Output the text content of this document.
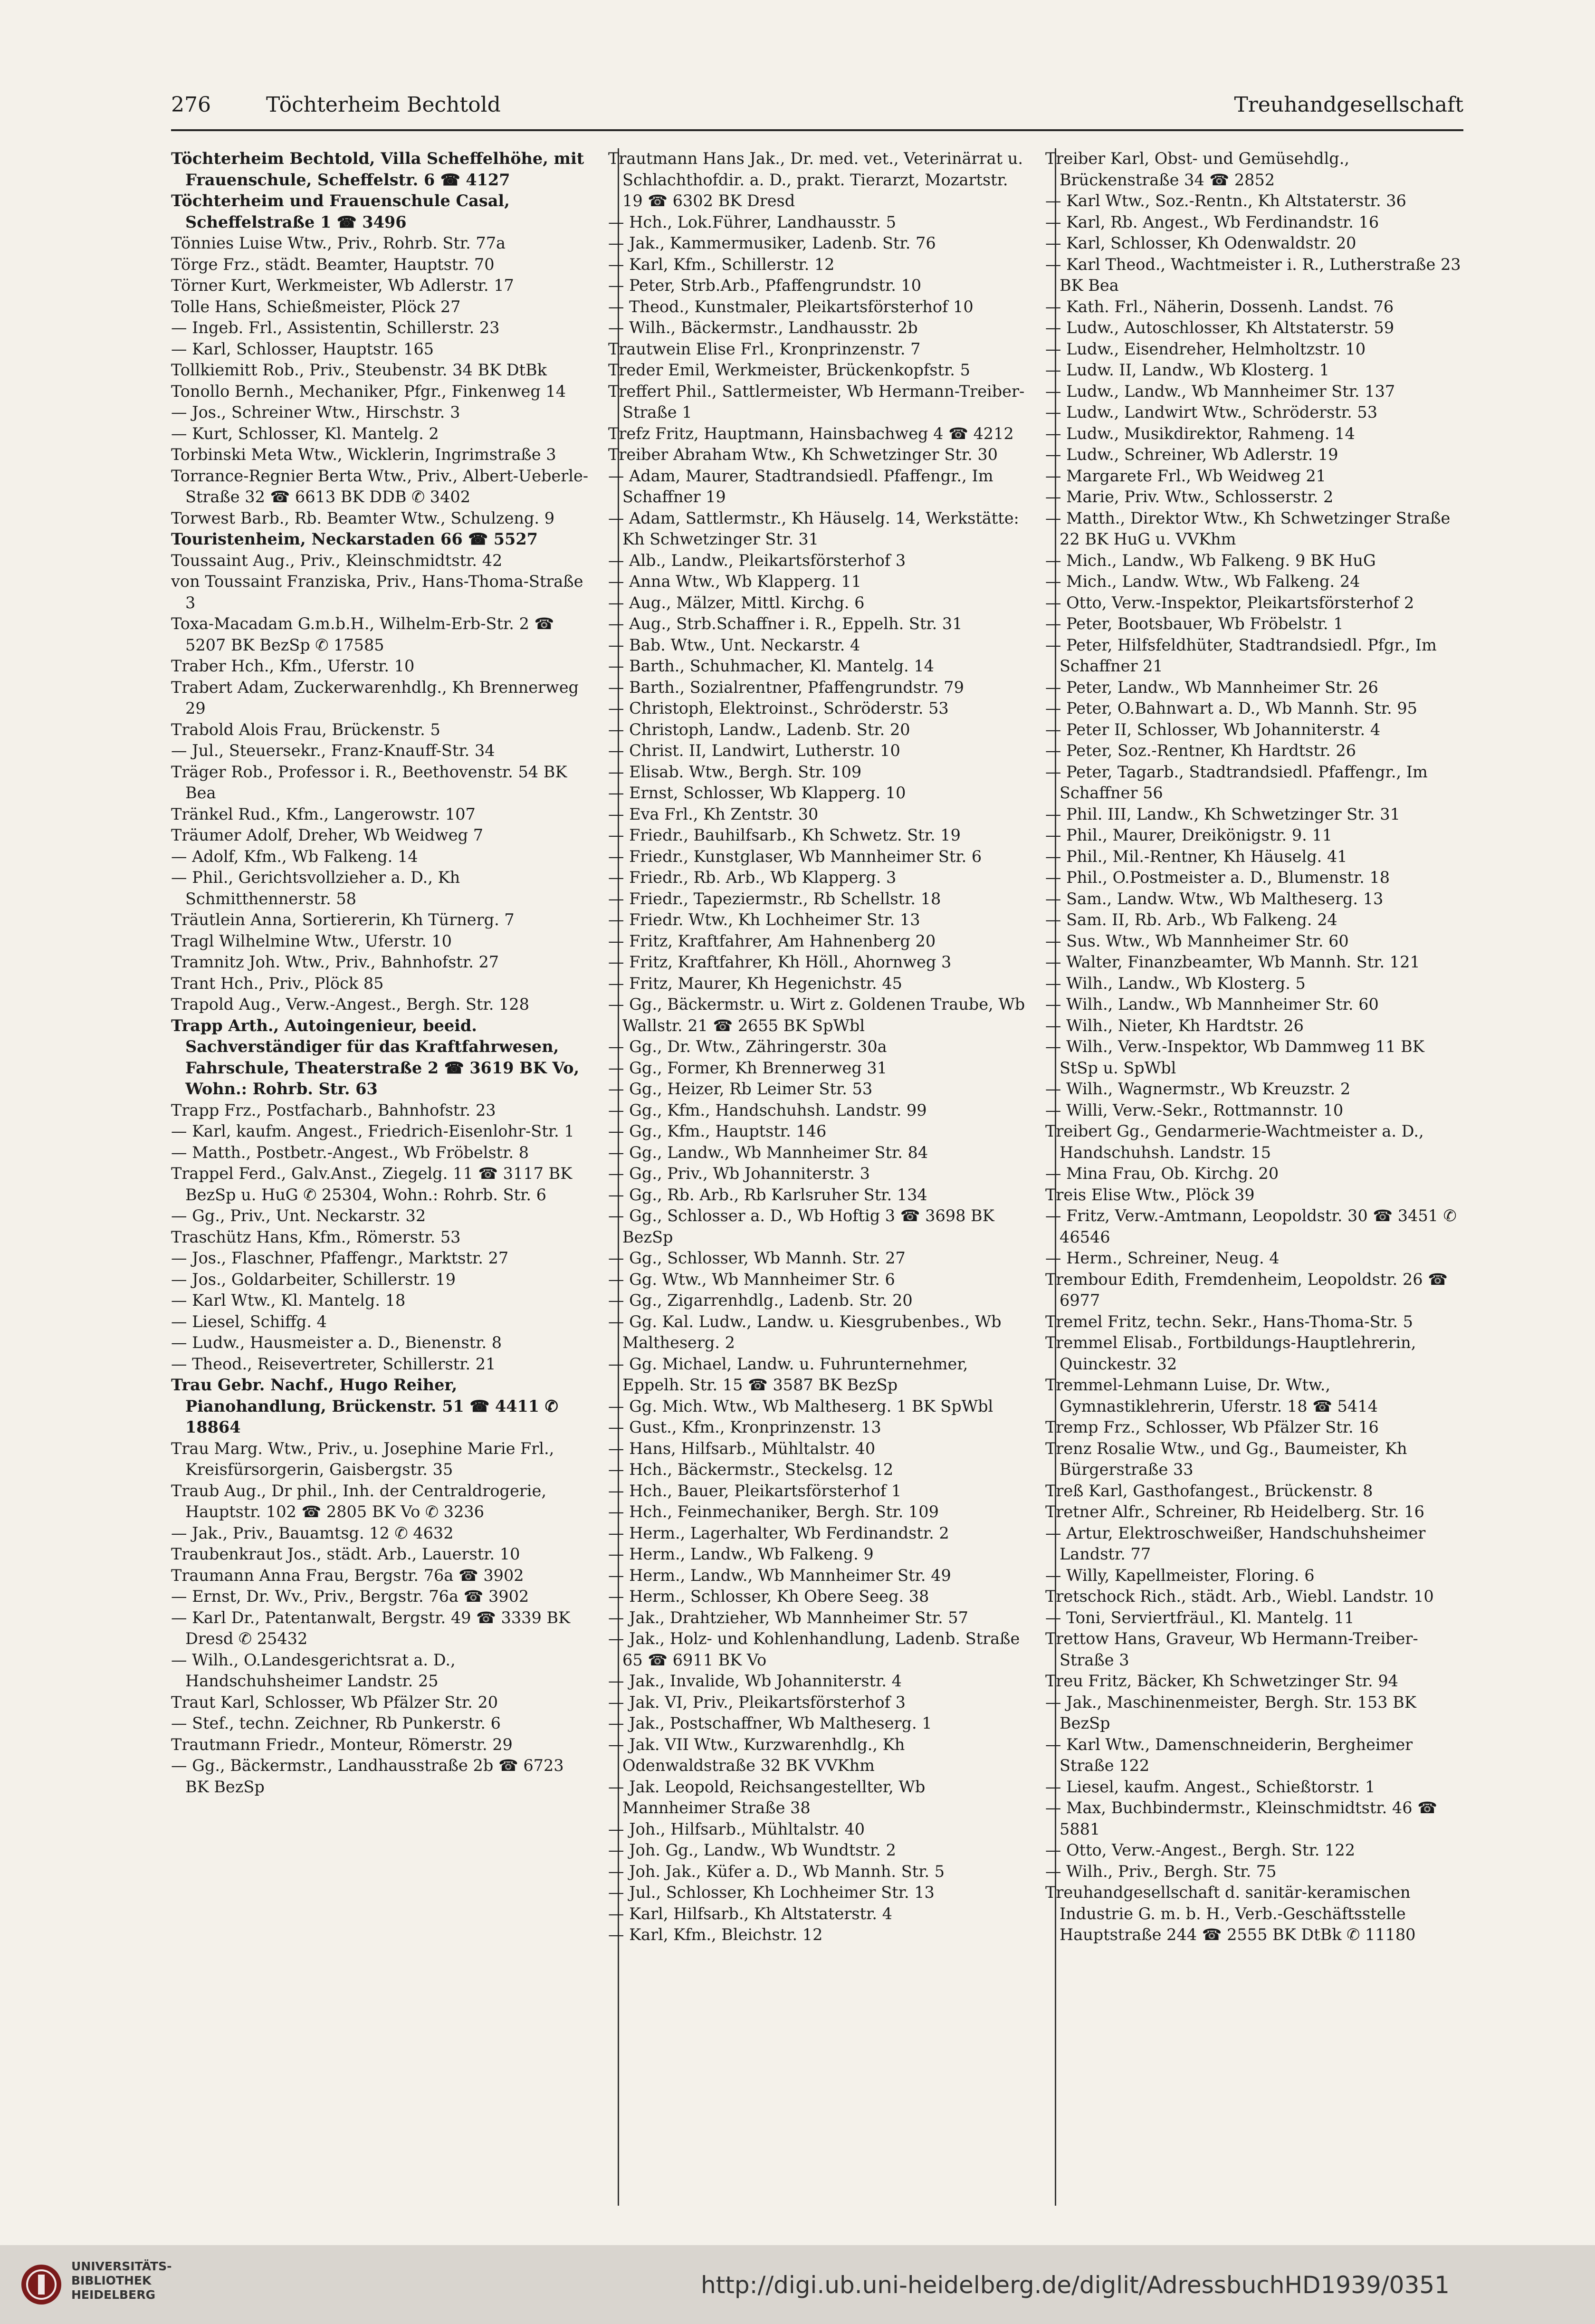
276	Töchterheim Bechtold	Treuhandgesellschaft

Töchterheim Bechtold, Villa Scheffelhöhe, mit Frauenschule, Scheffelstr. 6 ☎ 4127

Töchterheim und Frauenschule Casal, Scheffelstraße 1 ☎ 3496

Tönnies Luise Wtw., Priv., Rohrb. Str. 77a

Törge Frz., städt. Beamter, Hauptstr. 70

Törner Kurt, Werkmeister, Wb Adlerstr. 17

Tolle Hans, Schießmeister, Plöck 27

— Ingeb. Frl., Assistentin, Schillerstr. 23

— Karl, Schlosser, Hauptstr. 165

Tollkiemitt Rob., Priv., Steubenstr. 34 BK DtBk

Tonollo Bernh., Mechaniker, Pfgr., Finkenweg 14

— Jos., Schreiner Wtw., Hirschstr. 3

— Kurt, Schlosser, Kl. Mantelg. 2

Torbinski Meta Wtw., Wicklerin, Ingrimstraße 3

Torrance-Regnier Berta Wtw., Priv., Albert-Ueberle-Straße 32 ☎ 6613 BK DDB ✆ 3402

Torwest Barb., Rb. Beamter Wtw., Schulzeng. 9

Touristenheim, Neckarstaden 66 ☎ 5527

Toussaint Aug., Priv., Kleinschmidtstr. 42

von Toussaint Franziska, Priv., Hans-Thoma-Straße 3

Toxa-Macadam G.m.b.H., Wilhelm-Erb-Str. 2 ☎ 5207 BK BezSp ✆ 17585

Traber Hch., Kfm., Uferstr. 10

Trabert Adam, Zuckerwarenhdlg., Kh Brennerweg 29

Trabold Alois Frau, Brückenstr. 5

— Jul., Steuersekr., Franz-Knauff-Str. 34

Träger Rob., Professor i. R., Beethovenstr. 54 BK Bea

Tränkel Rud., Kfm., Langerowstr. 107

Träumer Adolf, Dreher, Wb Weidweg 7

— Adolf, Kfm., Wb Falkeng. 14

— Phil., Gerichtsvollzieher a. D., Kh Schmitthennerstr. 58

Träutlein Anna, Sortiererin, Kh Türnerg. 7

Tragl Wilhelmine Wtw., Uferstr. 10

Tramnitz Joh. Wtw., Priv., Bahnhofstr. 27

Trant Hch., Priv., Plöck 85

Trapold Aug., Verw.-Angest., Bergh. Str. 128

Trapp Arth., Autoingenieur, beeid. Sachverständiger für das Kraftfahrwesen, Fahrschule, Theaterstraße 2 ☎ 3619 BK Vo, Wohn.: Rohrb. Str. 63

Trapp Frz., Postfacharb., Bahnhofstr. 23

— Karl, kaufm. Angest., Friedrich-Eisenlohr-Str. 1

— Matth., Postbetr.-Angest., Wb Fröbelstr. 8

Trappel Ferd., Galv.Anst., Ziegelg. 11 ☎ 3117 BK BezSp u. HuG ✆ 25304, Wohn.: Rohrb. Str. 6

— Gg., Priv., Unt. Neckarstr. 32

Traschütz Hans, Kfm., Römerstr. 53

— Jos., Flaschner, Pfaffengr., Marktstr. 27

— Jos., Goldarbeiter, Schillerstr. 19

— Karl Wtw., Kl. Mantelg. 18

— Liesel, Schiffg. 4

— Ludw., Hausmeister a. D., Bienenstr. 8

— Theod., Reisevertreter, Schillerstr. 21

Trau Gebr. Nachf., Hugo Reiher, Pianohandlung, Brückenstr. 51 ☎ 4411 ✆ 18864

Trau Marg. Wtw., Priv., u. Josephine Marie Frl., Kreisfürsorgerin, Gaisbergstr. 35

Traub Aug., Dr phil., Inh. der Centraldrogerie, Hauptstr. 102 ☎ 2805 BK Vo ✆ 3236

— Jak., Priv., Bauamtsg. 12 ✆ 4632

Traubenkraut Jos., städt. Arb., Lauerstr. 10

Traumann Anna Frau, Bergstr. 76a ☎ 3902

— Ernst, Dr. Wv., Priv., Bergstr. 76a ☎ 3902

— Karl Dr., Patentanwalt, Bergstr. 49 ☎ 3339 BK Dresd ✆ 25432

— Wilh., O.Landesgerichtsrat a. D., Handschuhsheimer Landstr. 25

Traut Karl, Schlosser, Wb Pfälzer Str. 20

— Stef., techn. Zeichner, Rb Punkerstr. 6

Trautmann Friedr., Monteur, Römerstr. 29

— Gg., Bäckermstr., Landhausstraße 2b ☎ 6723 BK BezSp

Trautmann Hans Jak., Dr. med. vet., Veterinärrat u. Schlachthofdir. a. D., prakt. Tierarzt, Mozartstr. 19 ☎ 6302 BK Dresd

— Hch., Lok.Führer, Landhausstr. 5

— Jak., Kammermusiker, Ladenb. Str. 76

— Karl, Kfm., Schillerstr. 12

— Peter, Strb.Arb., Pfaffengrundstr. 10

— Theod., Kunstmaler, Pleikartsförsterhof 10

— Wilh., Bäckermstr., Landhausstr. 2b

Trautwein Elise Frl., Kronprinzenstr. 7

Treder Emil, Werkmeister, Brückenkopfstr. 5

Treffert Phil., Sattlermeister, Wb Hermann-Treiber-Straße 1

Trefz Fritz, Hauptmann, Hainsbachweg 4 ☎ 4212

Treiber Abraham Wtw., Kh Schwetzinger Str. 30

— Adam, Maurer, Stadtrandsiedl. Pfaffengr., Im Schaffner 19

— Adam, Sattlermstr., Kh Häuselg. 14, Werkstätte: Kh Schwetzinger Str. 31

— Alb., Landw., Pleikartsförsterhof 3

— Anna Wtw., Wb Klapperg. 11

— Aug., Mälzer, Mittl. Kirchg. 6

— Aug., Strb.Schaffner i. R., Eppelh. Str. 31

— Bab. Wtw., Unt. Neckarstr. 4

— Barth., Schuhmacher, Kl. Mantelg. 14

— Barth., Sozialrentner, Pfaffengrundstr. 79

— Christoph, Elektroinst., Schröderstr. 53

— Christoph, Landw., Ladenb. Str. 20

— Christ. II, Landwirt, Lutherstr. 10

— Elisab. Wtw., Bergh. Str. 109

— Ernst, Schlosser, Wb Klapperg. 10

— Eva Frl., Kh Zentstr. 30

— Friedr., Bauhilfsarb., Kh Schwetz. Str. 19

— Friedr., Kunstglaser, Wb Mannheimer Str. 6

— Friedr., Rb. Arb., Wb Klapperg. 3

— Friedr., Tapeziermstr., Rb Schellstr. 18

— Friedr. Wtw., Kh Lochheimer Str. 13

— Fritz, Kraftfahrer, Am Hahnenberg 20

— Fritz, Kraftfahrer, Kh Höll., Ahornweg 3

— Fritz, Maurer, Kh Hegenichstr. 45

— Gg., Bäckermstr. u. Wirt z. Goldenen Traube, Wb Wallstr. 21 ☎ 2655 BK SpWbl

— Gg., Dr. Wtw., Zähringerstr. 30a

— Gg., Former, Kh Brennerweg 31

— Gg., Heizer, Rb Leimer Str. 53

— Gg., Kfm., Handschuhsh. Landstr. 99

— Gg., Kfm., Hauptstr. 146

— Gg., Landw., Wb Mannheimer Str. 84

— Gg., Priv., Wb Johanniterstr. 3

— Gg., Rb. Arb., Rb Karlsruher Str. 134

— Gg., Schlosser a. D., Wb Hoftig 3 ☎ 3698 BK BezSp

— Gg., Schlosser, Wb Mannh. Str. 27

— Gg. Wtw., Wb Mannheimer Str. 6

— Gg., Zigarrenhdlg., Ladenb. Str. 20

— Gg. Kal. Ludw., Landw. u. Kiesgrubenbes., Wb Maltheserg. 2

— Gg. Michael, Landw. u. Fuhrunternehmer, Eppelh. Str. 15 ☎ 3587 BK BezSp

— Gg. Mich. Wtw., Wb Maltheserg. 1 BK SpWbl

— Gust., Kfm., Kronprinzenstr. 13

— Hans, Hilfsarb., Mühltalstr. 40

— Hch., Bäckermstr., Steckelsg. 12

— Hch., Bauer, Pleikartsförsterhof 1

— Hch., Feinmechaniker, Bergh. Str. 109

— Herm., Lagerhalter, Wb Ferdinandstr. 2

— Herm., Landw., Wb Falkeng. 9

— Herm., Landw., Wb Mannheimer Str. 49

— Herm., Schlosser, Kh Obere Seeg. 38

— Jak., Drahtzieher, Wb Mannheimer Str. 57

— Jak., Holz- und Kohlenhandlung, Ladenb. Straße 65 ☎ 6911 BK Vo

— Jak., Invalide, Wb Johanniterstr. 4

— Jak. VI, Priv., Pleikartsförsterhof 3

— Jak., Postschaffner, Wb Maltheserg. 1

— Jak. VII Wtw., Kurzwarenhdlg., Kh Odenwaldstraße 32 BK VVKhm

— Jak. Leopold, Reichsangestellter, Wb Mannheimer Straße 38

— Joh., Hilfsarb., Mühltalstr. 40

— Joh. Gg., Landw., Wb Wundtstr. 2

— Joh. Jak., Küfer a. D., Wb Mannh. Str. 5

— Jul., Schlosser, Kh Lochheimer Str. 13

— Karl, Hilfsarb., Kh Altstaterstr. 4

— Karl, Kfm., Bleichstr. 12

Treiber Karl, Obst- und Gemüsehdlg., Brückenstraße 34 ☎ 2852

— Karl Wtw., Soz.-Rentn., Kh Altstaterstr. 36

— Karl, Rb. Angest., Wb Ferdinandstr. 16

— Karl, Schlosser, Kh Odenwaldstr. 20

— Karl Theod., Wachtmeister i. R., Lutherstraße 23 BK Bea

— Kath. Frl., Näherin, Dossenh. Landst. 76

— Ludw., Autoschlosser, Kh Altstaterstr. 59

— Ludw., Eisendreher, Helmholtzstr. 10

— Ludw. II, Landw., Wb Klosterg. 1

— Ludw., Landw., Wb Mannheimer Str. 137

— Ludw., Landwirt Wtw., Schröderstr. 53

— Ludw., Musikdirektor, Rahmeng. 14

— Ludw., Schreiner, Wb Adlerstr. 19

— Margarete Frl., Wb Weidweg 21

— Marie, Priv. Wtw., Schlosserstr. 2

— Matth., Direktor Wtw., Kh Schwetzinger Straße 22 BK HuG u. VVKhm

— Mich., Landw., Wb Falkeng. 9 BK HuG

— Mich., Landw. Wtw., Wb Falkeng. 24

— Otto, Verw.-Inspektor, Pleikartsförsterhof 2

— Peter, Bootsbauer, Wb Fröbelstr. 1

— Peter, Hilfsfeldhüter, Stadtrandsiedl. Pfgr., Im Schaffner 21

— Peter, Landw., Wb Mannheimer Str. 26

— Peter, O.Bahnwart a. D., Wb Mannh. Str. 95

— Peter II, Schlosser, Wb Johanniterstr. 4

— Peter, Soz.-Rentner, Kh Hardtstr. 26

— Peter, Tagarb., Stadtrandsiedl. Pfaffengr., Im Schaffner 56

— Phil. III, Landw., Kh Schwetzinger Str. 31

— Phil., Maurer, Dreikönigstr. 9. 11

— Phil., Mil.-Rentner, Kh Häuselg. 41

— Phil., O.Postmeister a. D., Blumenstr. 18

— Sam., Landw. Wtw., Wb Maltheserg. 13

— Sam. II, Rb. Arb., Wb Falkeng. 24

— Sus. Wtw., Wb Mannheimer Str. 60

— Walter, Finanzbeamter, Wb Mannh. Str. 121

— Wilh., Landw., Wb Klosterg. 5

— Wilh., Landw., Wb Mannheimer Str. 60

— Wilh., Nieter, Kh Hardtstr. 26

— Wilh., Verw.-Inspektor, Wb Dammweg 11 BK StSp u. SpWbl

— Wilh., Wagnermstr., Wb Kreuzstr. 2

— Willi, Verw.-Sekr., Rottmannstr. 10

Treibert Gg., Gendarmerie-Wachtmeister a. D., Handschuhsh. Landstr. 15

— Mina Frau, Ob. Kirchg. 20

Treis Elise Wtw., Plöck 39

— Fritz, Verw.-Amtmann, Leopoldstr. 30 ☎ 3451 ✆ 46546

— Herm., Schreiner, Neug. 4

Trembour Edith, Fremdenheim, Leopoldstr. 26 ☎ 6977

Tremel Fritz, techn. Sekr., Hans-Thoma-Str. 5

Tremmel Elisab., Fortbildungs-Hauptlehrerin, Quinckestr. 32

Tremmel-Lehmann Luise, Dr. Wtw., Gymnastiklehrerin, Uferstr. 18 ☎ 5414

Tremp Frz., Schlosser, Wb Pfälzer Str. 16

Trenz Rosalie Wtw., und Gg., Baumeister, Kh Bürgerstraße 33

Treß Karl, Gasthofangest., Brückenstr. 8

Tretner Alfr., Schreiner, Rb Heidelberg. Str. 16

— Artur, Elektroschweißer, Handschuhsheimer Landstr. 77

— Willy, Kapellmeister, Floring. 6

Tretschock Rich., städt. Arb., Wiebl. Landstr. 10

— Toni, Serviertfräul., Kl. Mantelg. 11

Trettow Hans, Graveur, Wb Hermann-Treiber-Straße 3

Treu Fritz, Bäcker, Kh Schwetzinger Str. 94

— Jak., Maschinenmeister, Bergh. Str. 153 BK BezSp

— Karl Wtw., Damenschneiderin, Bergheimer Straße 122

— Liesel, kaufm. Angest., Schießtorstr. 1

— Max, Buchbindermstr., Kleinschmidtstr. 46 ☎ 5881

— Otto, Verw.-Angest., Bergh. Str. 122

— Wilh., Priv., Bergh. Str. 75

Treuhandgesellschaft d. sanitär-keramischen Industrie G. m. b. H., Verb.-Geschäftsstelle Hauptstraße 244 ☎ 2555 BK DtBk ✆ 11180

UNIVERSITÄTS-
BIBLIOTHEK
HEIDELBERG	http://digi.ub.uni-heidelberg.de/diglit/AdressbuchHD1939/0351
